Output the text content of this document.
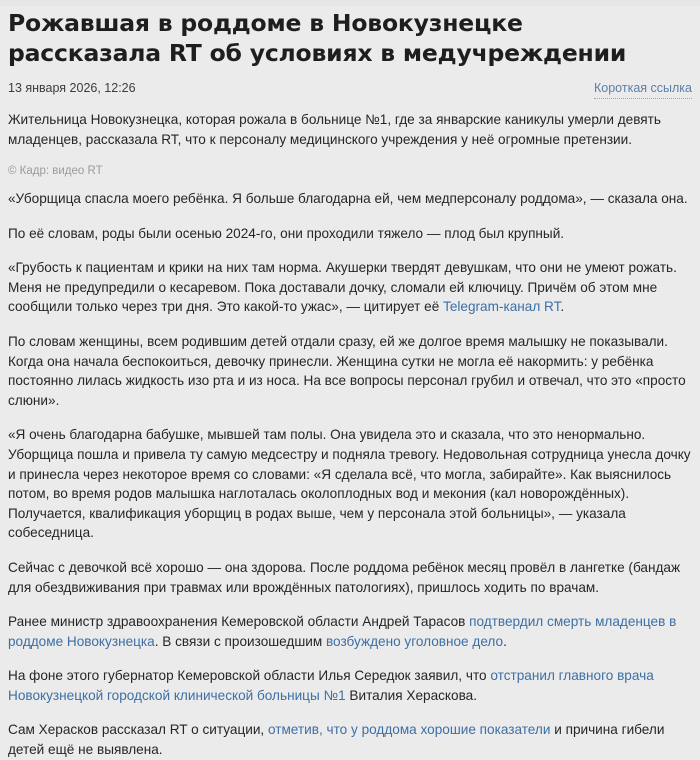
Рожавшая в роддоме в Новокузнецке рассказала RT об условиях в медучреждении
13 января 2026, 12:26	Короткая ссылка

Жительница Новокузнецка, которая рожала в больнице №1, где за январские каникулы умерли девять младенцев, рассказала RT, что к персоналу медицинского учреждения у неё огромные претензии.

© Кадр: видео RT

«Уборщица спасла моего ребёнка. Я больше благодарна ей, чем медперсоналу роддома», — сказала она.

По её словам, роды были осенью 2024-го, они проходили тяжело — плод был крупный.

«Грубость к пациентам и крики на них там норма. Акушерки твердят девушкам, что они не умеют рожать. Меня не предупредили о кесаревом. Пока доставали дочку, сломали ей ключицу. Причём об этом мне сообщили только через три дня. Это какой-то ужас», — цитирует её Telegram-канал RT.

По словам женщины, всем родившим детей отдали сразу, ей же долгое время малышку не показывали. Когда она начала беспокоиться, девочку принесли. Женщина сутки не могла её накормить: у ребёнка постоянно лилась жидкость изо рта и из носа. На все вопросы персонал грубил и отвечал, что это «просто слюни».

«Я очень благодарна бабушке, мывшей там полы. Она увидела это и сказала, что это ненормально. Уборщица пошла и привела ту самую медсестру и подняла тревогу. Недовольная сотрудница унесла дочку и принесла через некоторое время со словами: «Я сделала всё, что могла, забирайте». Как выяснилось потом, во время родов малышка наглоталась околоплодных вод и мекония (кал новорождённых). Получается, квалификация уборщиц в родах выше, чем у персонала этой больницы», — указала собеседница.

Сейчас с девочкой всё хорошо — она здорова. После роддома ребёнок месяц провёл в лангетке (бандаж для обездвиживания при травмах или врождённых патологиях), пришлось ходить по врачам.

Ранее министр здравоохранения Кемеровской области Андрей Тарасов подтвердил смерть младенцев в роддоме Новокузнецка. В связи с произошедшим возбуждено уголовное дело.

На фоне этого губернатор Кемеровской области Илья Середюк заявил, что отстранил главного врача Новокузнецкой городской клинической больницы №1 Виталия Хераскова.

Сам Херасков рассказал RT о ситуации, отметив, что у роддома хорошие показатели и причина гибели детей ещё не выявлена.
